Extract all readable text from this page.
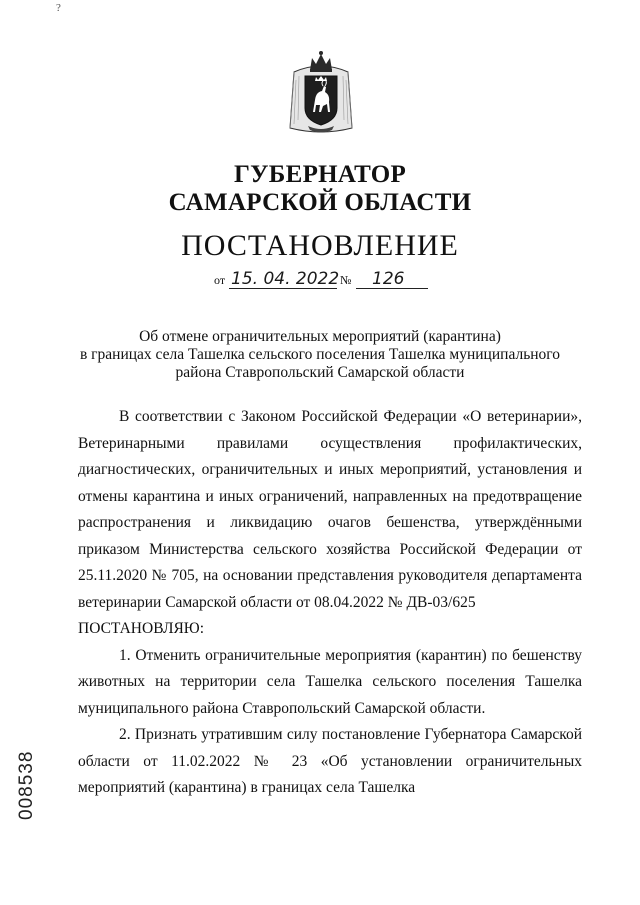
?
ГУБЕРНАТОР
САМАРСКОЙ ОБЛАСТИ
ПОСТАНОВЛЕНИЕ
от 15. 04. 2022 № 126
Об отмене ограничительных мероприятий (карантина)
в границах села Ташелка сельского поселения Ташелка муниципального
района Ставропольский Самарской области

В соответствии с Законом Российской Федерации «О ветеринарии», Ветеринарными правилами осуществления профилактических, диагностических, ограничительных и иных мероприятий, установления и отмены карантина и иных ограничений, направленных на предотвращение распространения и ликвидацию очагов бешенства, утверждёнными приказом Министерства сельского хозяйства Российской Федерации от 25.11.2020 № 705, на основании представления руководителя департамента ветеринарии Самарской области от 08.04.2022 № ДВ-03/625

ПОСТАНОВЛЯЮ:

1. Отменить ограничительные мероприятия (карантин) по бешенству животных на территории села Ташелка сельского поселения Ташелка муниципального района Ставропольский Самарской области.

2. Признать утратившим силу постановление Губернатора Самарской области от 11.02.2022 № 23 «Об установлении ограничительных мероприятий (карантина) в границах села Ташелка

008538
